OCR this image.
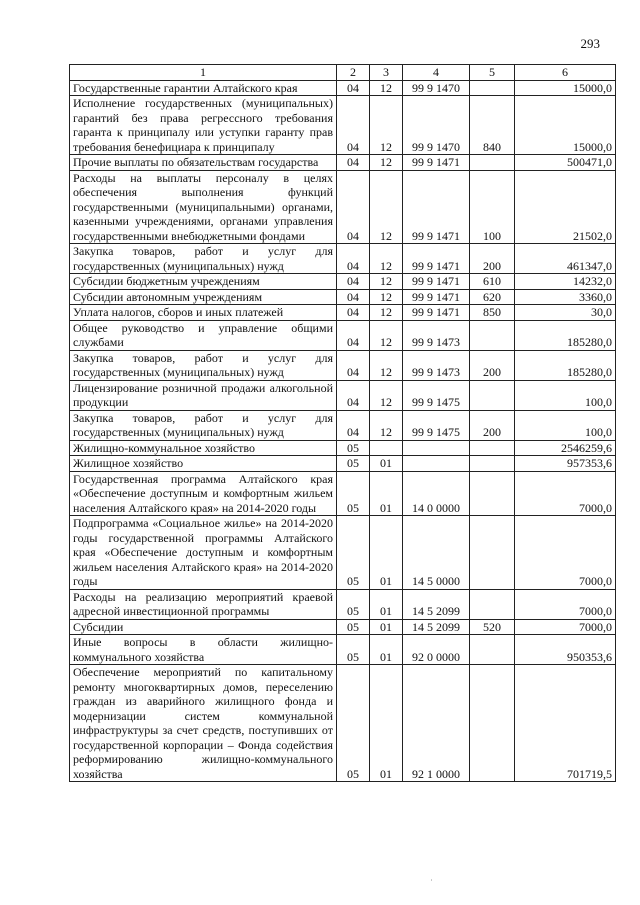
293
1	2	3	4	5	6
Государственные гарантии Алтайского края	04	12	99 9 1470		15000,0
Исполнение государственных (муниципальных) гарантий без права регрессного требования гаранта к принципалу или уступки гаранту прав требования бенефициара к принципалу	04	12	99 9 1470	840	15000,0
Прочие выплаты по обязательствам государства	04	12	99 9 1471		500471,0
Расходы на выплаты персоналу в целях обеспечения выполнения функций государственными (муниципальными) органами, казенными учреждениями, органами управления государственными внебюджетными фондами	04	12	99 9 1471	100	21502,0
Закупка товаров, работ и услуг для государственных (муниципальных) нужд	04	12	99 9 1471	200	461347,0
Субсидии бюджетным учреждениям	04	12	99 9 1471	610	14232,0
Субсидии автономным учреждениям	04	12	99 9 1471	620	3360,0
Уплата налогов, сборов и иных платежей	04	12	99 9 1471	850	30,0
Общее руководство и управление общими службами	04	12	99 9 1473		185280,0
Закупка товаров, работ и услуг для государственных (муниципальных) нужд	04	12	99 9 1473	200	185280,0
Лицензирование розничной продажи алкогольной продукции	04	12	99 9 1475		100,0
Закупка товаров, работ и услуг для государственных (муниципальных) нужд	04	12	99 9 1475	200	100,0
Жилищно-коммунальное хозяйство	05				2546259,6
Жилищное хозяйство	05	01			957353,6
Государственная программа Алтайского края «Обеспечение доступным и комфортным жильем населения Алтайского края» на 2014-2020 годы	05	01	14 0 0000		7000,0
Подпрограмма «Социальное жилье» на 2014-2020 годы государственной программы Алтайского края «Обеспечение доступным и комфортным жильем населения Алтайского края» на 2014-2020 годы	05	01	14 5 0000		7000,0
Расходы на реализацию мероприятий краевой адресной инвестиционной программы	05	01	14 5 2099		7000,0
Субсидии	05	01	14 5 2099	520	7000,0
Иные вопросы в области жилищно-коммунального хозяйства	05	01	92 0 0000		950353,6
Обеспечение мероприятий по капитальному ремонту многоквартирных домов, переселению граждан из аварийного жилищного фонда и модернизации систем коммунальной инфраструктуры за счет средств, поступивших от государственной корпорации – Фонда содействия реформированию жилищно-коммунального хозяйства	05	01	92 1 0000		701719,5
˙
